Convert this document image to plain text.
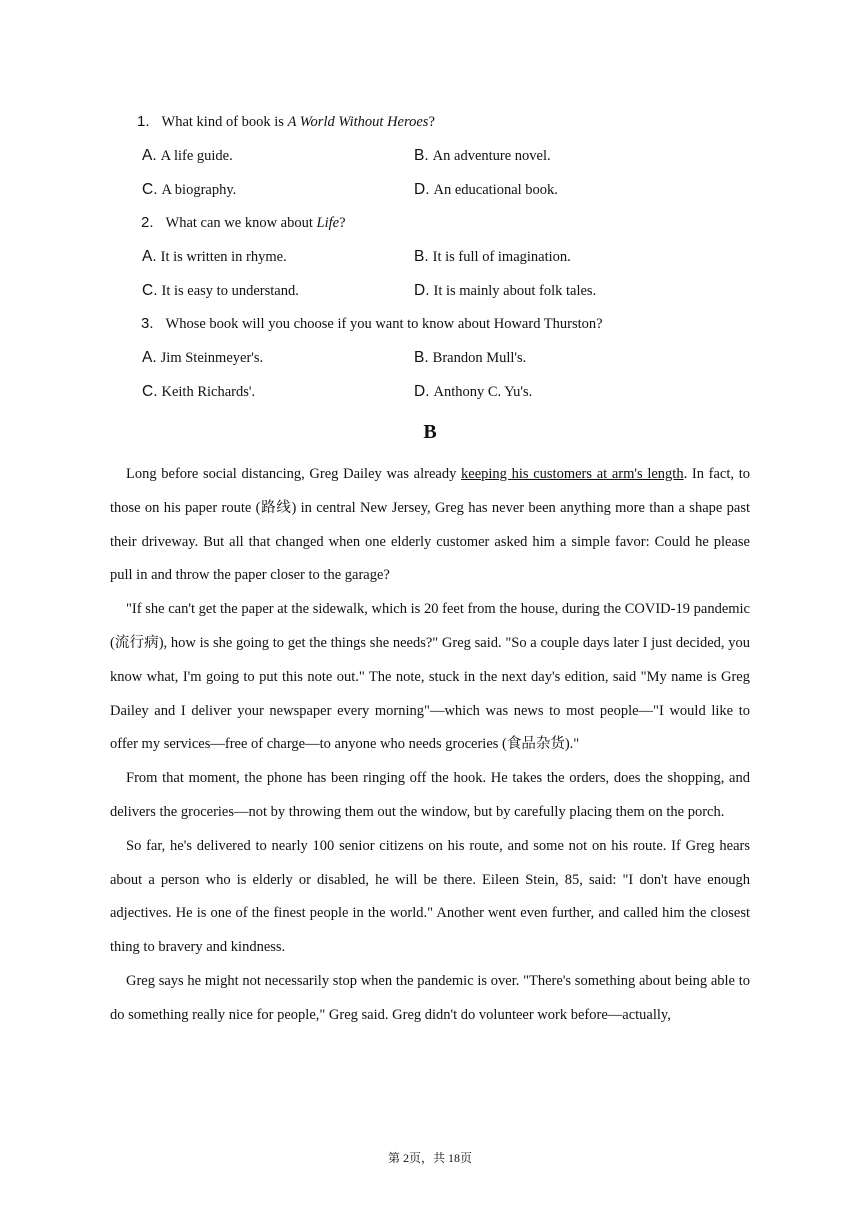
1. What kind of book is A World Without Heroes?
A. A life guide.	B. An adventure novel.
C. A biography.	D. An educational book.
2. What can we know about Life?
A. It is written in rhyme.	B. It is full of imagination.
C. It is easy to understand.	D. It is mainly about folk tales.
3. Whose book will you choose if you want to know about Howard Thurston?
A. Jim Steinmeyer's.	B. Brandon Mull's.
C. Keith Richards'.	D. Anthony C. Yu's.
B

Long before social distancing, Greg Dailey was already keeping his customers at arm's length. In fact, to those on his paper route (路线) in central New Jersey, Greg has never been anything more than a shape past their driveway. But all that changed when one elderly customer asked him a simple favor: Could he please pull in and throw the paper closer to the garage?

"If she can't get the paper at the sidewalk, which is 20 feet from the house, during the COVID-19 pandemic (流行病), how is she going to get the things she needs?" Greg said. "So a couple days later I just decided, you know what, I'm going to put this note out." The note, stuck in the next day's edition, said "My name is Greg Dailey and I deliver your newspaper every morning"—which was news to most people—"I would like to offer my services—free of charge—to anyone who needs groceries (食品杂货)."

From that moment, the phone has been ringing off the hook. He takes the orders, does the shopping, and delivers the groceries—not by throwing them out the window, but by carefully placing them on the porch.

So far, he's delivered to nearly 100 senior citizens on his route, and some not on his route. If Greg hears about a person who is elderly or disabled, he will be there. Eileen Stein, 85, said: "I don't have enough adjectives. He is one of the finest people in the world." Another went even further, and called him the closest thing to bravery and kindness.

Greg says he might not necessarily stop when the pandemic is over. "There's something about being able to do something really nice for people," Greg said. Greg didn't do volunteer work before—actually,

第 2页，共 18页
